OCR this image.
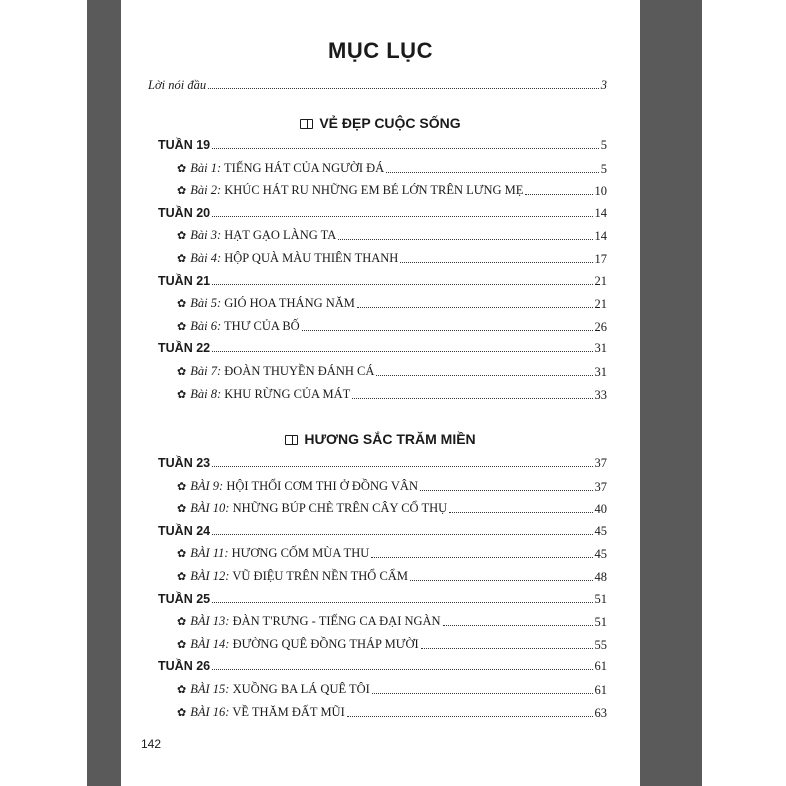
MỤC LỤC
Lời nói đầu	3
VẺ ĐẸP CUỘC SỐNG
TUẦN 19	5
✿ Bài 1: TIẾNG HÁT CỦA NGƯỜI ĐÁ	5
✿ Bài 2: KHÚC HÁT RU NHỮNG EM BÉ LỚN TRÊN LƯNG MẸ	10
TUẦN 20	14
✿ Bài 3: HẠT GẠO LÀNG TA	14
✿ Bài 4: HỘP QUÀ MÀU THIÊN THANH	17
TUẦN 21	21
✿ Bài 5: GIÓ HOA THÁNG NĂM	21
✿ Bài 6: THƯ CỦA BỐ	26
TUẦN 22	31
✿ Bài 7: ĐOÀN THUYỀN ĐÁNH CÁ	31
✿ Bài 8: KHU RỪNG CỦA MÁT	33
HƯƠNG SẮC TRĂM MIỀN
TUẦN 23	37
✿ BÀI 9: HỘI THỔI CƠM THI Ở ĐỒNG VÂN	37
✿ BÀI 10: NHỮNG BÚP CHÈ TRÊN CÂY CỔ THỤ	40
TUẦN 24	45
✿ BÀI 11: HƯƠNG CỐM MÙA THU	45
✿ BÀI 12: VŨ ĐIỆU TRÊN NỀN THỔ CẨM	48
TUẦN 25	51
✿ BÀI 13: ĐÀN T'RƯNG - TIẾNG CA ĐẠI NGÀN	51
✿ BÀI 14: ĐƯỜNG QUÊ ĐỒNG THÁP MƯỜI	55
TUẦN 26	61
✿ BÀI 15: XUỒNG BA LÁ QUÊ TÔI	61
✿ BÀI 16: VỀ THĂM ĐẤT MŨI	63
142
